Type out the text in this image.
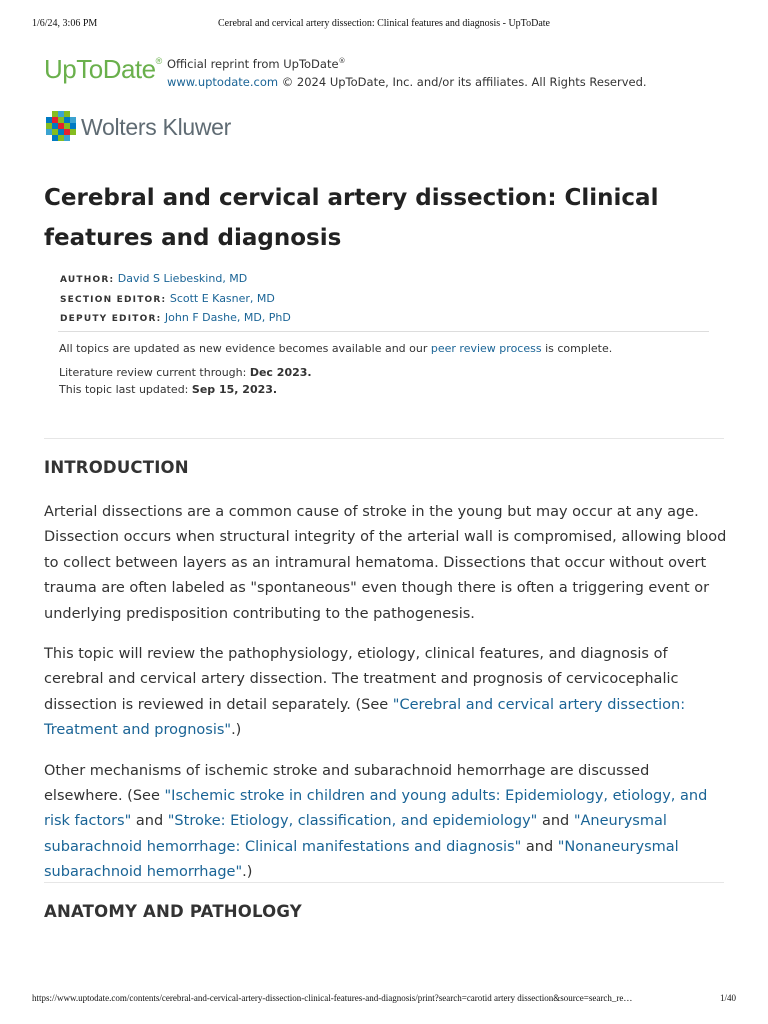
1/6/24, 3:06 PM	Cerebral and cervical artery dissection: Clinical features and diagnosis - UpToDate
UpToDate® Official reprint from UpToDate®
www.uptodate.com © 2024 UpToDate, Inc. and/or its affiliates. All Rights Reserved.
Wolters Kluwer
Cerebral and cervical artery dissection: Clinical features and diagnosis
AUTHOR: David S Liebeskind, MD
SECTION EDITOR: Scott E Kasner, MD
DEPUTY EDITOR: John F Dashe, MD, PhD
All topics are updated as new evidence becomes available and our peer review process is complete.
Literature review current through: Dec 2023.
This topic last updated: Sep 15, 2023.
INTRODUCTION

Arterial dissections are a common cause of stroke in the young but may occur at any age. Dissection occurs when structural integrity of the arterial wall is compromised, allowing blood to collect between layers as an intramural hematoma. Dissections that occur without overt trauma are often labeled as "spontaneous" even though there is often a triggering event or underlying predisposition contributing to the pathogenesis.

This topic will review the pathophysiology, etiology, clinical features, and diagnosis of cerebral and cervical artery dissection. The treatment and prognosis of cervicocephalic dissection is reviewed in detail separately. (See "Cerebral and cervical artery dissection: Treatment and prognosis".)

Other mechanisms of ischemic stroke and subarachnoid hemorrhage are discussed elsewhere. (See "Ischemic stroke in children and young adults: Epidemiology, etiology, and risk factors" and "Stroke: Etiology, classification, and epidemiology" and "Aneurysmal subarachnoid hemorrhage: Clinical manifestations and diagnosis" and "Nonaneurysmal subarachnoid hemorrhage".)

ANATOMY AND PATHOLOGY
https://www.uptodate.com/contents/cerebral-and-cervical-artery-dissection-clinical-features-and-diagnosis/print?search=carotid artery dissection&source=search_re…	1/40
